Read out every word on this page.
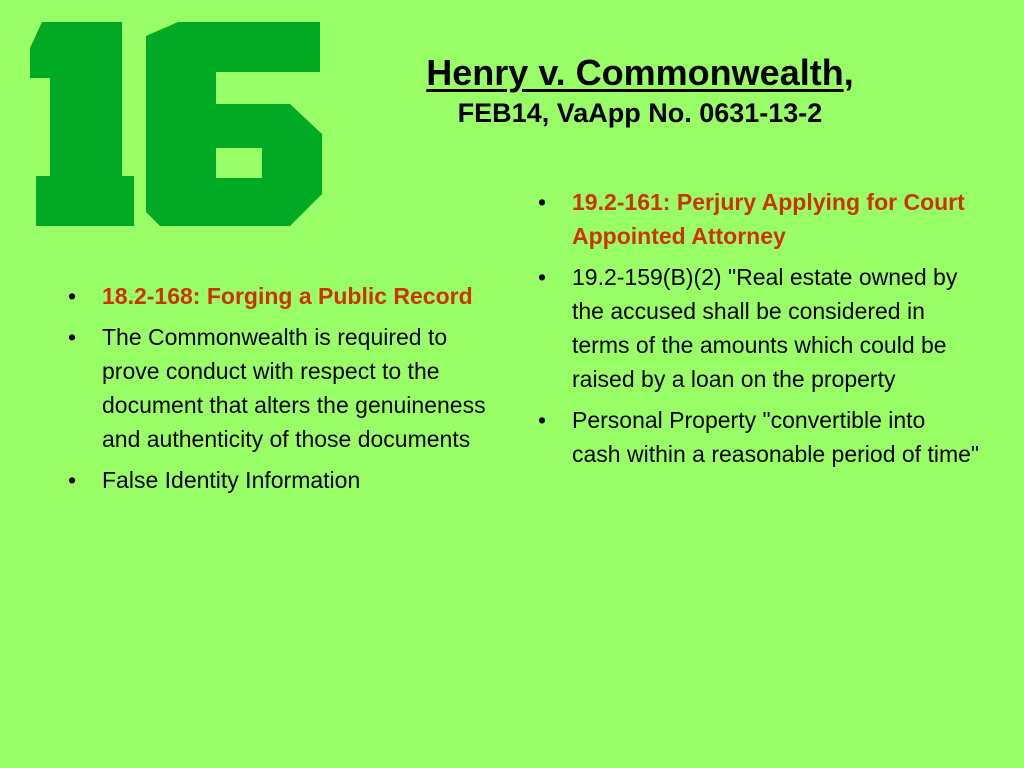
Henry v. Commonwealth,
FEB14, VaApp No. 0631-13-2
• 18.2-168: Forging a Public Record
• The Commonwealth is required to prove conduct with respect to the document that alters the genuineness and authenticity of those documents
• False Identity Information
• 19.2-161: Perjury Applying for Court Appointed Attorney
• 19.2-159(B)(2) "Real estate owned by the accused shall be considered in terms of the amounts which could be raised by a loan on the property
• Personal Property "convertible into cash within a reasonable period of time"
